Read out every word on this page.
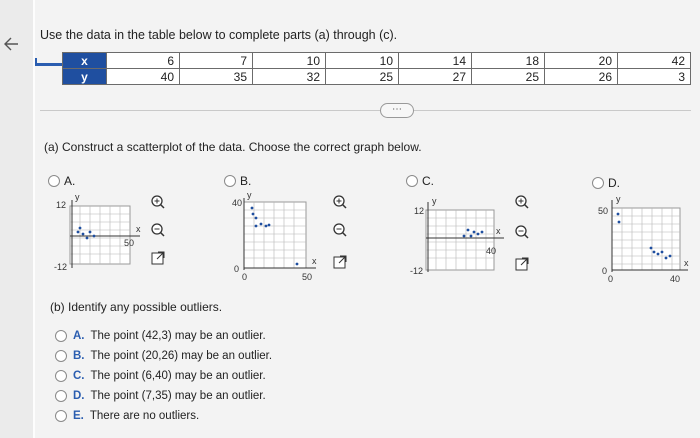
Use the data in the table below to complete parts (a) through (c).
x	6	7	10	10	14	18	20	42
y	40	35	32	25	27	25	26	3
⋯
(a) Construct a scatterplot of the data. Choose the correct graph below.
A.
12
-12
50
y
x
B.
40
0
0	50
y
x
C.
12
-12
40
y
x
D.
50
0
0	40
y
x
(b) Identify any possible outliers.
A. The point (42,3) may be an outlier.
B. The point (20,26) may be an outlier.
C. The point (6,40) may be an outlier.
D. The point (7,35) may be an outlier.
E. There are no outliers.
